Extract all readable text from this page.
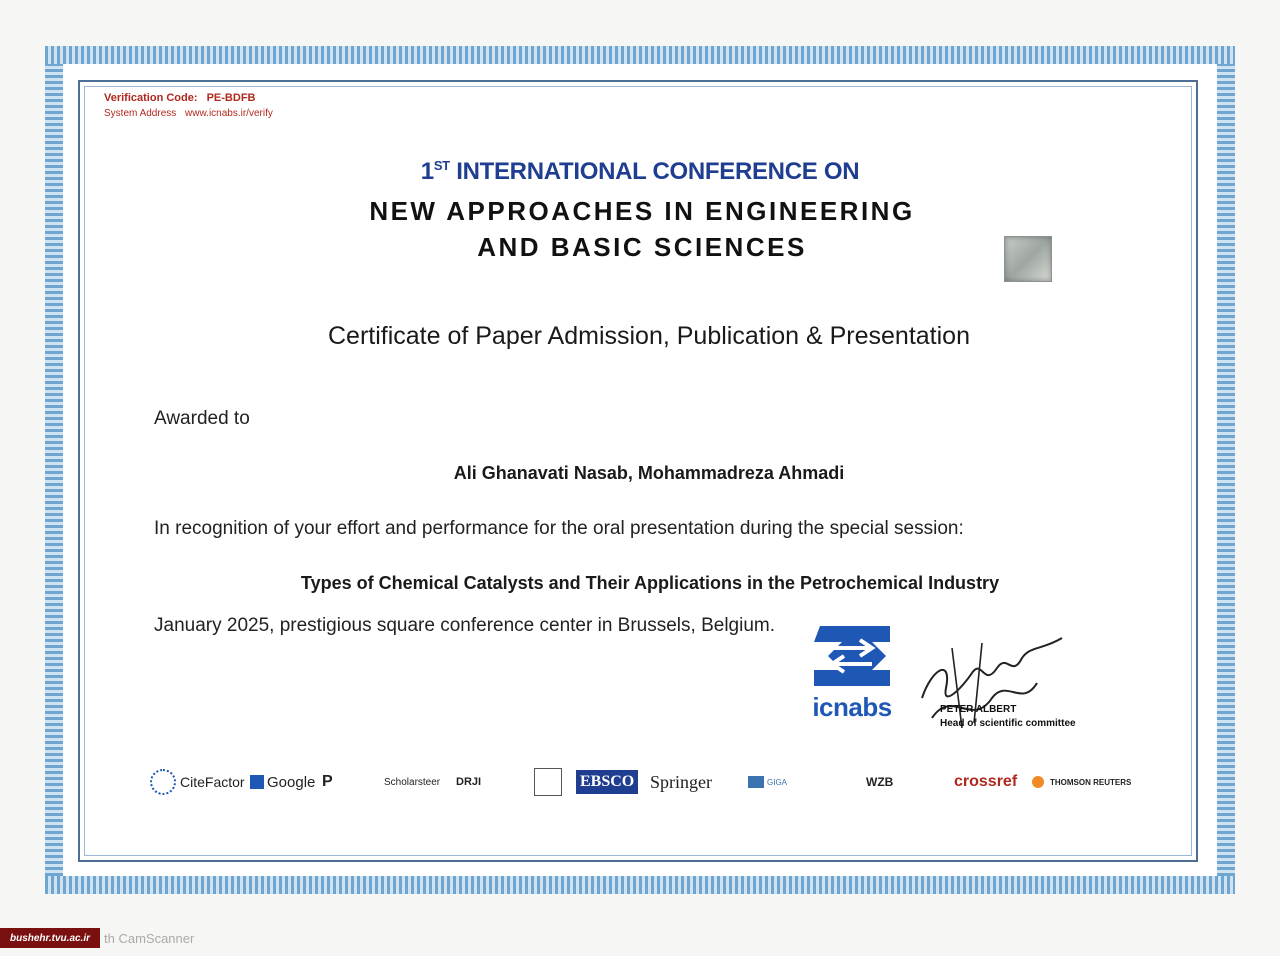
Verification Code: PE-BDFB
System Address www.icnabs.ir/verify
1ST INTERNATIONAL CONFERENCE ON
NEW APPROACHES IN ENGINEERING
AND BASIC SCIENCES
Certificate of Paper Admission, Publication & Presentation
Awarded to
Ali Ghanavati Nasab, Mohammadreza Ahmadi
In recognition of your effort and performance for the oral presentation during the special session:
Types of Chemical Catalysts and Their Applications in the Petrochemical Industry
January 2025, prestigious square conference center in Brussels, Belgium.
icnabs	PETER ALBERT
Head of scientific committee
CiteFactor Google P	Scholarsteer DRJI	EBSCO Springer	GIGA	WZB	crossref	THOMSON REUTERS
bushehr.tvu.ac.ir	th CamScanner
